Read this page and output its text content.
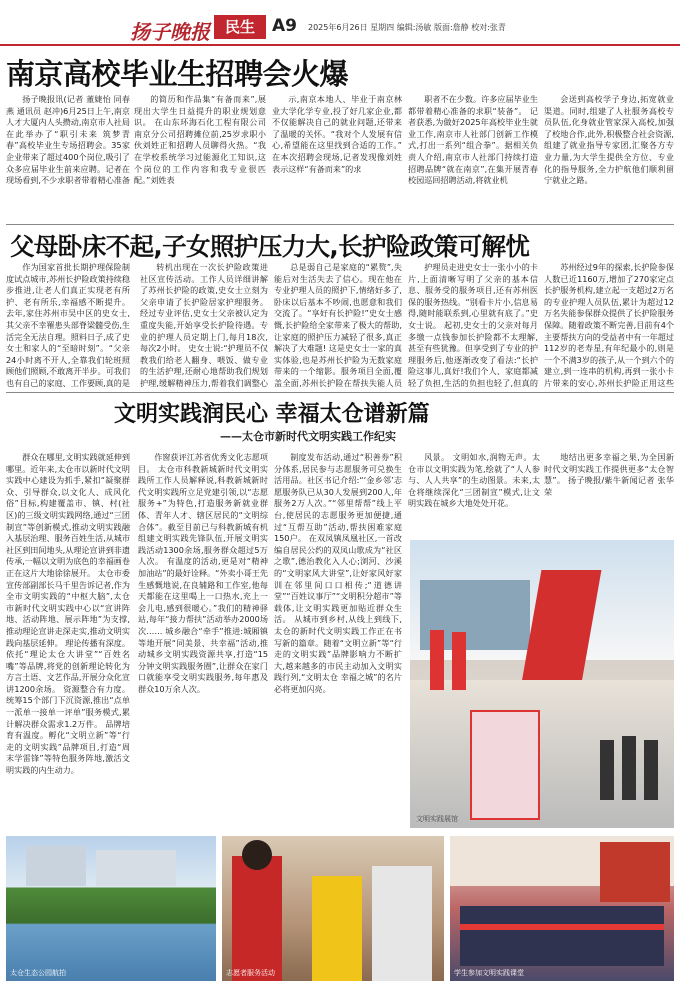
扬子晚报 民生	A9 2025年6月26日 星期四 编辑:汤敏 版面:詹静 校对:张青
南京高校毕业生招聘会火爆

扬子晚报讯(记者 董婕怡 同春燕 通讯员 赵冲)6月25日上午,南京人才大厦内人头攒动,南京市人社局在此举办了“职引未来 筑梦青春”高校毕业生专场招聘会。35家企业带来了超过400个岗位,吸引了众多应届毕业生前来应聘。记者在现场看到,不少求职者带着精心准备

的简历和作品集“有备而来”,展现出大学生日益提升的职业规划意识。 在山东环海石化工程有限公司南京分公司招聘摊位前,25岁求职小伙刘姓正和招聘人员聊得火热。“我在学校系统学习过能源化工知识,这个岗位的工作内容和我专业很匹配。”刘姓表

示,南京本地人、毕业于南京林业大学化学专业,投了好几家企业,都不仅能解决自己的就业问题,还带来了温暖的关怀。“我对个人发展有信心,希望能在这里找到合适的工作。” 在本次招聘会现场,记者发现像刘姓表示这样“有备而来”的求

职者不在少数。许多应届毕业生都带着精心准备的求职“装备”。 记者获悉,为做好2025年高校毕业生就业工作,南京市人社部门创新工作模式,打出一系列“组合拳”。据相关负责人介绍,南京市人社部门持续打造招聘品牌“就在南京”,在集开展青春校园巡回招聘活动,将就业机

会送到高校学子身边,拓宽就业渠道。同时,组建了人社服务高校专员队伍,化身就业管家深入高校,加强了校地合作,此外,积极整合社会资源,组建了就业指导专家团,汇聚各方专业力量,为大学生提供全方位、专业化的指导服务,全力护航他们顺利留宁就业之路。

父母卧床不起,子女照护压力大,长护险政策可解忧

作为国家首批长期护理保险制度试点城市,苏州长护险政策持续稳步推进,让老人们真正实现老有所护、老有所乐,幸福感不断提升。 去年,家住苏州市吴中区的史女士,其父亲不幸罹患头部脊梁髓受伤,生活完全无法自理。照料日子,成了史女士和家人的“至暗时刻”。“父亲24小时离不开人,全靠我们轮班照顾他们照顾,不敢离开半步。可我们也有自己的家庭、工作要顾,真的是

转机出现在一次长护险政策进社区宣传活动。工作人员详细讲解了苏州长护险的政策,史女士立刻为父亲申请了长护险居家护理服务。经过专业评估,史女士父亲被认定为重度失能,开始享受长护险待遇。专业的护理人员定期上门,每月18次,每次2小时。 史女士说:“护理员不仅教我们给老人翻身、喂饭、做专业的生活护理,还耐心地帮助我们规划护理,缓解精神压力,帮着我们调整心

总是弱自己是家庭的“累赘”,失能后对生活失去了信心。现在他在专业护理人员的照护下,情绪好多了,卧床以后基本不吵闹,也愿意和我们交流了。“享好有长护险!”史女士感慨,长护险给全家带来了极大的帮助,让家庭的照护压力减轻了很多,真正解决了大难题! 这是史女士一家的真实体验,也是苏州长护险为无数家庭带来的一个缩影。服务项目全面,覆盖全面,苏州长护险在帮扶失能人员

护理员走进史女士一张小小的卡片,上面清晰写明了父亲的基本信息、服务受的服务项目,还有苏州医保的服务热线。“别看卡片小,信息易得,随时能联系到,心里就有底了。”史女士说。 起初,史女士的父亲对每月多缴一点钱参加长护险都不太理解,甚至有些犹豫。但享受到了专业的护理服务后,他逐渐改变了看法:“长护险这事儿,真好!我们个人、家庭都减轻了负担,生活的负担也轻了,但真的

苏州经过9年的探索,长护险参保人数已近1160万,增加了270家定点长护服务机构,建立起一支超过2万名的专业护理人员队伍,累计为超过12万名失能参保群众提供了长护险服务保障。随着政策不断完善,目前有4个主要帮扶方向的受益者中有一年超过112岁的老寿星,有年纪最小的,则是一个不满3岁的孩子,从一个到六个的建立,到一连串的机构,再到一张小卡片带来的安心,苏州长护险正用这些

文明实践润民心 幸福太仓谱新篇
——太仓市新时代文明实践工作纪实

群众在哪里,文明实践就延伸到哪里。近年来,太仓市以新时代文明实践中心建设为抓手,紧扣“凝聚群众、引导群众,以文化人、成风化俗”目标,构建覆盖市、镇、村(社区)的三级文明实践网络,通过“三团制宣”等创新模式,推动文明实践融入基层治理、服务百姓生活,从城市社区到田间地头,从理论宣讲到非遗传承,一幅以文明为底色的幸福画卷正在这片大地徐徐展开。 太仓市委宣传部副部长马千里告诉记者,作为全市文明实践的“中枢大脑”,太仓市新时代文明实践中心以“宣讲阵地、活动阵地、展示阵地”为支撑,推动理论宣讲走深走实,推动文明实践向基层延伸。 理论传播有深度。依托“理论太仓大讲堂”“百姓名嘴”等品牌,将党的创新理论转化为方言土语、文艺作品,开展分众化宣讲1200余场。 资源整合有力度。统筹15个部门下沉资源,推出“点单一派单一接单一评单”服务模式,累计解决群众需求1.2万件。 品牌培育有温度。孵化“文明立新”等“行走的文明实践”品牌项目,打造“周末学雷锋”等特色服务阵地,激活文明实践的内生动力。

作窗获评江苏省优秀文化志愿项目。 太仓市科教新城新时代文明实践所工作人员解释说,科教新城新时代文明实践所立足党建引领,以“志愿服务+”为特色,打造服务新就业群体、青年人才、辖区居民的“文明综合体”。截至目前已与科教新城有机组建文明实践先锋队伍,开展文明实践活动1300余场,服务群众超过5万人次。 有温度的活动,更是对“精神加油站”的最好诠释。“外卖小哥王先生感慨地说,在良辅路和工作室,他每天都能在这里喝上一口热水,充上一会儿电,感到很暖心。”我们的精神驿站,每年“接力帮扶”活动举办2000场次…… 城乡融合“牵手”推进:城厢镇等地开展“同美景、共幸福”活动,推动城乡文明实践资源共享,打造“15分钟文明实践服务圈”,让群众在家门口就能享受文明实践服务,每年惠及群众10万余人次。

制度发布活动,通过“积善券”积分体系,居民参与志愿服务可兑换生活用品。社区书记介绍:“‘金乡邻’志愿服务队已从30人发展到200人,年服务2万人次。”“邻里帮帮”线上平台,使居民的志愿服务更加便捷,通过“互帮互助”活动,帮扶困难家庭150户。 在双凤镇凤凰社区,一首改编自居民公约的双凤山歌成为“社区之歌”,德治教化入人心;浏河、沙溪的“文明家风大讲堂”,让好家风好家训在邻里间口口相传;“道德讲堂”“百姓议事厅”“文明积分超市”等载体,让文明实践更加贴近群众生活。 从城市到乡村,从线上到线下,太仓的新时代文明实践工作正在书写新的篇章。随着“文明立新”等“行走的文明实践”品牌影响力不断扩大,越来越多的市民主动加入文明实践行列,“文明太仓 幸福之城”的名片必将更加闪亮。

风景。 文明如水,润物无声。太仓市以文明实践为笔,绘就了“人人参与、人人共享”的生动图景。未来,太仓将继续深化“三团制宣”模式,让文明实践在城乡大地处处开花。

地结出更多幸福之果,为全国新时代文明实践工作提供更多“太仓智慧”。 扬子晚报/紫牛新闻记者 张华荣

文明实践展馆
太仓生态公园航拍	志愿者服务活动	学生参加文明实践课堂
